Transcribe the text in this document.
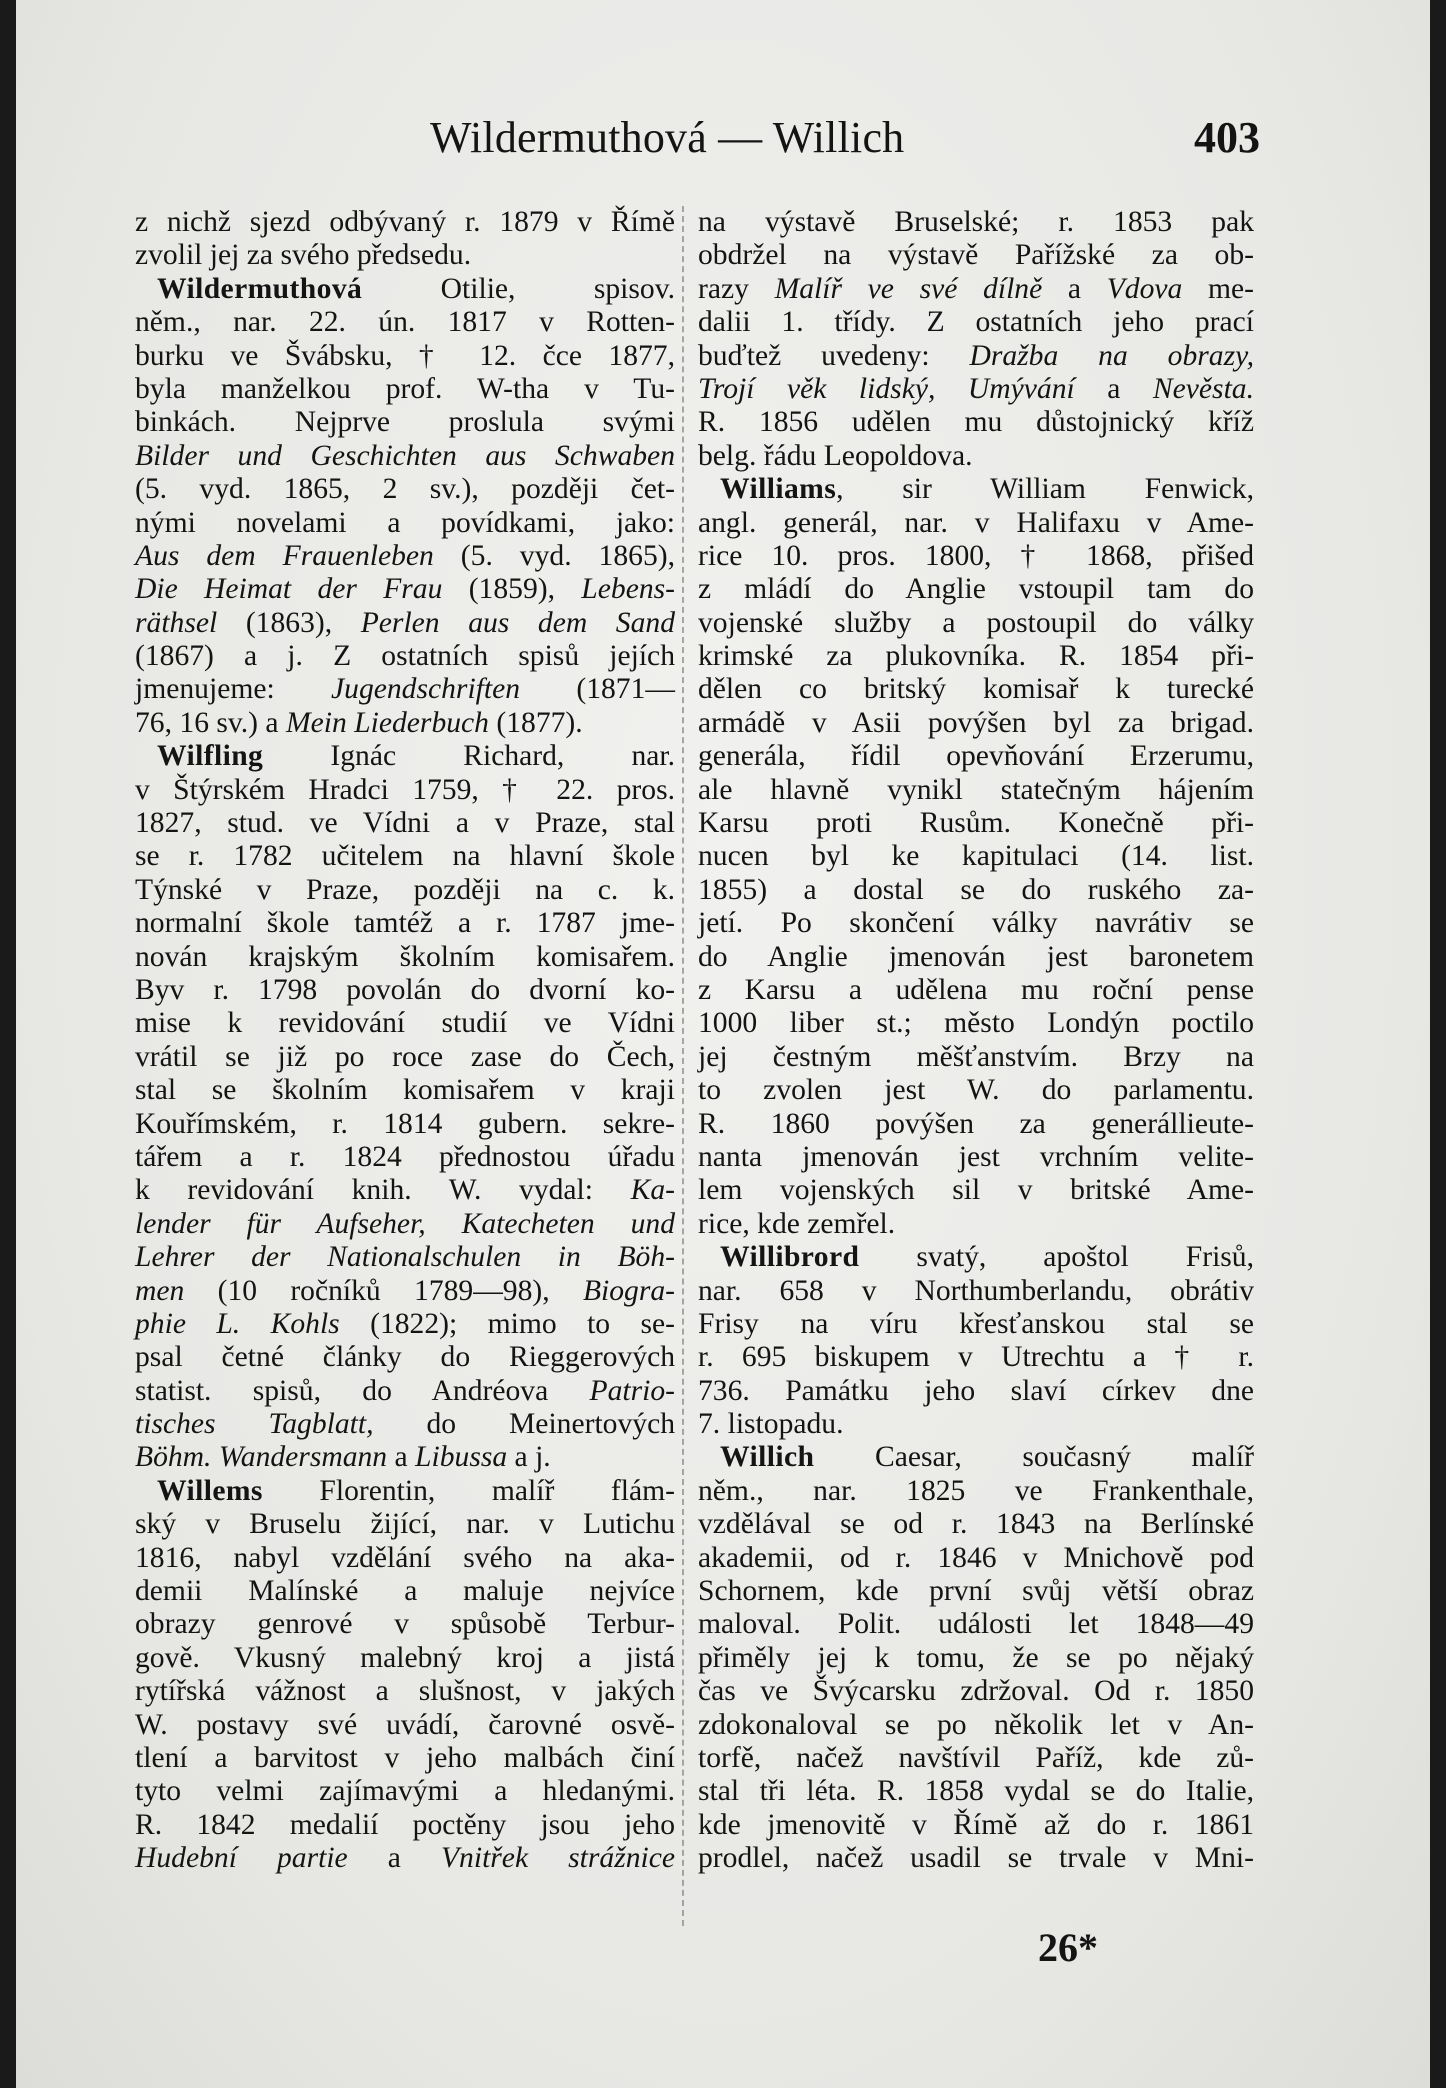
Wildermuthová — Willich	403
z nichž sjezd odbývaný r. 1879 v Římě
zvolil jej za svého předsedu.
Wildermuthová Otilie, spisov.
něm., nar. 22. ún. 1817 v Rotten-
burku ve Švábsku, † 12. čce 1877,
byla manželkou prof. W-tha v Tu-
binkách. Nejprve proslula svými
Bilder und Geschichten aus Schwaben
(5. vyd. 1865, 2 sv.), později čet-
nými novelami a povídkami, jako:
Aus dem Frauenleben (5. vyd. 1865),
Die Heimat der Frau (1859), Lebens-
räthsel (1863), Perlen aus dem Sand
(1867) a j. Z ostatních spisů jejích
jmenujeme: Jugendschriften (1871—
76, 16 sv.) a Mein Liederbuch (1877).
Wilfling Ignác Richard, nar.
v Štýrském Hradci 1759, † 22. pros.
1827, stud. ve Vídni a v Praze, stal
se r. 1782 učitelem na hlavní škole
Týnské v Praze, později na c. k.
normalní škole tamtéž a r. 1787 jme-
nován krajským školním komisařem.
Byv r. 1798 povolán do dvorní ko-
mise k revidování studií ve Vídni
vrátil se již po roce zase do Čech,
stal se školním komisařem v kraji
Kouřímském, r. 1814 gubern. sekre-
tářem a r. 1824 přednostou úřadu
k revidování knih. W. vydal: Ka-
lender für Aufseher, Katecheten und
Lehrer der Nationalschulen in Böh-
men (10 ročníků 1789—98), Biogra-
phie L. Kohls (1822); mimo to se-
psal četné články do Rieggerových
statist. spisů, do Andréova Patrio-
tisches Tagblatt, do Meinertových
Böhm. Wandersmann a Libussa a j.
Willems Florentin, malíř flám-
ský v Bruselu žijící, nar. v Lutichu
1816, nabyl vzdělání svého na aka-
demii Malínské a maluje nejvíce
obrazy genrové v spůsobě Terbur-
gově. Vkusný malebný kroj a jistá
rytířská vážnost a slušnost, v jakých
W. postavy své uvádí, čarovné osvě-
tlení a barvitost v jeho malbách činí
tyto velmi zajímavými a hledanými.
R. 1842 medalií poctěny jsou jeho
Hudební partie a Vnitřek strážnice
na výstavě Bruselské; r. 1853 pak
obdržel na výstavě Pařížské za ob-
razy Malíř ve své dílně a Vdova me-
dalii 1. třídy. Z ostatních jeho prací
buďtež uvedeny: Dražba na obrazy,
Trojí věk lidský, Umývání a Nevěsta.
R. 1856 udělen mu důstojnický kříž
belg. řádu Leopoldova.
Williams, sir William Fenwick,
angl. generál, nar. v Halifaxu v Ame-
rice 10. pros. 1800, † 1868, přišed
z mládí do Anglie vstoupil tam do
vojenské služby a postoupil do války
krimské za plukovníka. R. 1854 při-
dělen co britský komisař k turecké
armádě v Asii povýšen byl za brigad.
generála, řídil opevňování Erzerumu,
ale hlavně vynikl statečným hájením
Karsu proti Rusům. Konečně při-
nucen byl ke kapitulaci (14. list.
1855) a dostal se do ruského za-
jetí. Po skončení války navrátiv se
do Anglie jmenován jest baronetem
z Karsu a udělena mu roční pense
1000 liber st.; město Londýn poctilo
jej čestným měšťanstvím. Brzy na
to zvolen jest W. do parlamentu.
R. 1860 povýšen za generállieute-
nanta jmenován jest vrchním velite-
lem vojenských sil v britské Ame-
rice, kde zemřel.
Willibrord svatý, apoštol Frisů,
nar. 658 v Northumberlandu, obrátiv
Frisy na víru křesťanskou stal se
r. 695 biskupem v Utrechtu a † r.
736. Památku jeho slaví církev dne
7. listopadu.
Willich Caesar, současný malíř
něm., nar. 1825 ve Frankenthale,
vzdělával se od r. 1843 na Berlínské
akademii, od r. 1846 v Mnichově pod
Schornem, kde první svůj větší obraz
maloval. Polit. události let 1848—49
přiměly jej k tomu, že se po nějaký
čas ve Švýcarsku zdržoval. Od r. 1850
zdokonaloval se po několik let v An-
torfě, načež navštívil Paříž, kde zů-
stal tři léta. R. 1858 vydal se do Italie,
kde jmenovitě v Římě až do r. 1861
prodlel, načež usadil se trvale v Mni-
26*
